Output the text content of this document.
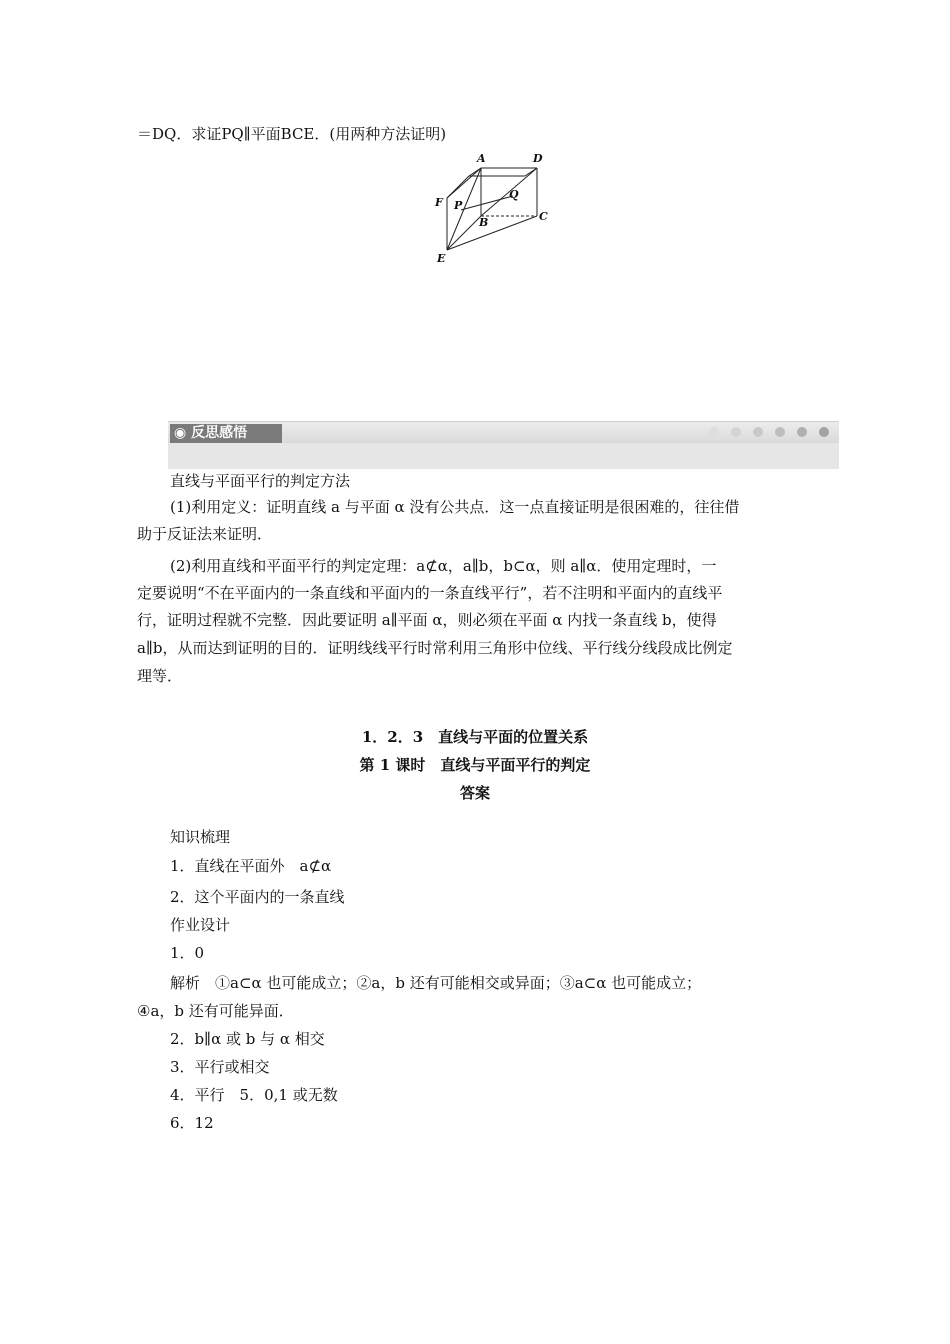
＝DQ．求证PQ∥平面BCE．(用两种方法证明)
A	D
F P
Q
B	C
E
◉ 反思感悟
直线与平面平行的判定方法
(1)利用定义：证明直线 a 与平面 α 没有公共点．这一点直接证明是很困难的，往往借
助于反证法来证明．
(2)利用直线和平面平行的判定定理：a⊄α，a∥b，b⊂α，则 a∥α．使用定理时，一
定要说明“不在平面内的一条直线和平面内的一条直线平行”，若不注明和平面内的直线平
行，证明过程就不完整．因此要证明 a∥平面 α，则必须在平面 α 内找一条直线 b，使得
a∥b，从而达到证明的目的．证明线线平行时常利用三角形中位线、平行线分线段成比例定
理等．
1．2．3　直线与平面的位置关系
第 1 课时　直线与平面平行的判定
答案
知识梳理
1．直线在平面外　a⊄α
2．这个平面内的一条直线
作业设计
1．0
解析　①a⊂α 也可能成立；②a，b 还有可能相交或异面；③a⊂α 也可能成立；
④a，b 还有可能异面．
2．b∥α 或 b 与 α 相交
3．平行或相交
4．平行　5．0,1 或无数
6．12
